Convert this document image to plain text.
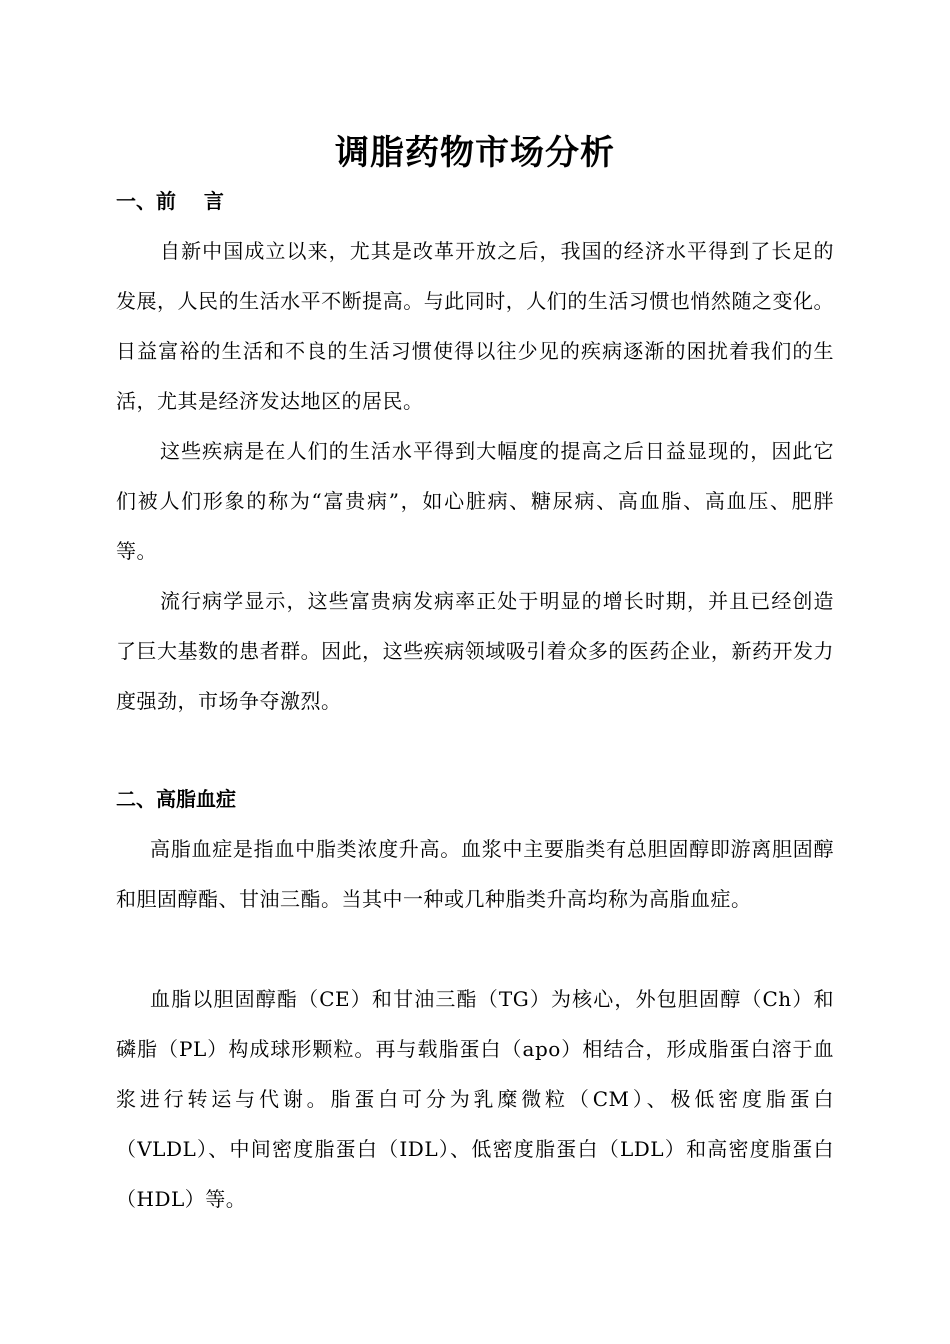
调脂药物市场分析
一、前    言

自新中国成立以来，尤其是改革开放之后，我国的经济水平得到了长足的发展，人民的生活水平不断提高。与此同时，人们的生活习惯也悄然随之变化。日益富裕的生活和不良的生活习惯使得以往少见的疾病逐渐的困扰着我们的生活，尤其是经济发达地区的居民。

这些疾病是在人们的生活水平得到大幅度的提高之后日益显现的，因此它们被人们形象的称为“富贵病”，如心脏病、糖尿病、高血脂、高血压、肥胖等。

流行病学显示，这些富贵病发病率正处于明显的增长时期，并且已经创造了巨大基数的患者群。因此，这些疾病领域吸引着众多的医药企业，新药开发力度强劲，市场争夺激烈。

二、高脂血症

高脂血症是指血中脂类浓度升高。血浆中主要脂类有总胆固醇即游离胆固醇和胆固醇酯、甘油三酯。当其中一种或几种脂类升高均称为高脂血症。

血脂以胆固醇酯（CE）和甘油三酯（TG）为核心，外包胆固醇（Ch）和磷脂（PL）构成球形颗粒。再与载脂蛋白（apo）相结合，形成脂蛋白溶于血浆进行转运与代谢。脂蛋白可分为乳糜微粒（CM）、极低密度脂蛋白（VLDL）、中间密度脂蛋白（IDL）、低密度脂蛋白（LDL）和高密度脂蛋白（HDL）等。
